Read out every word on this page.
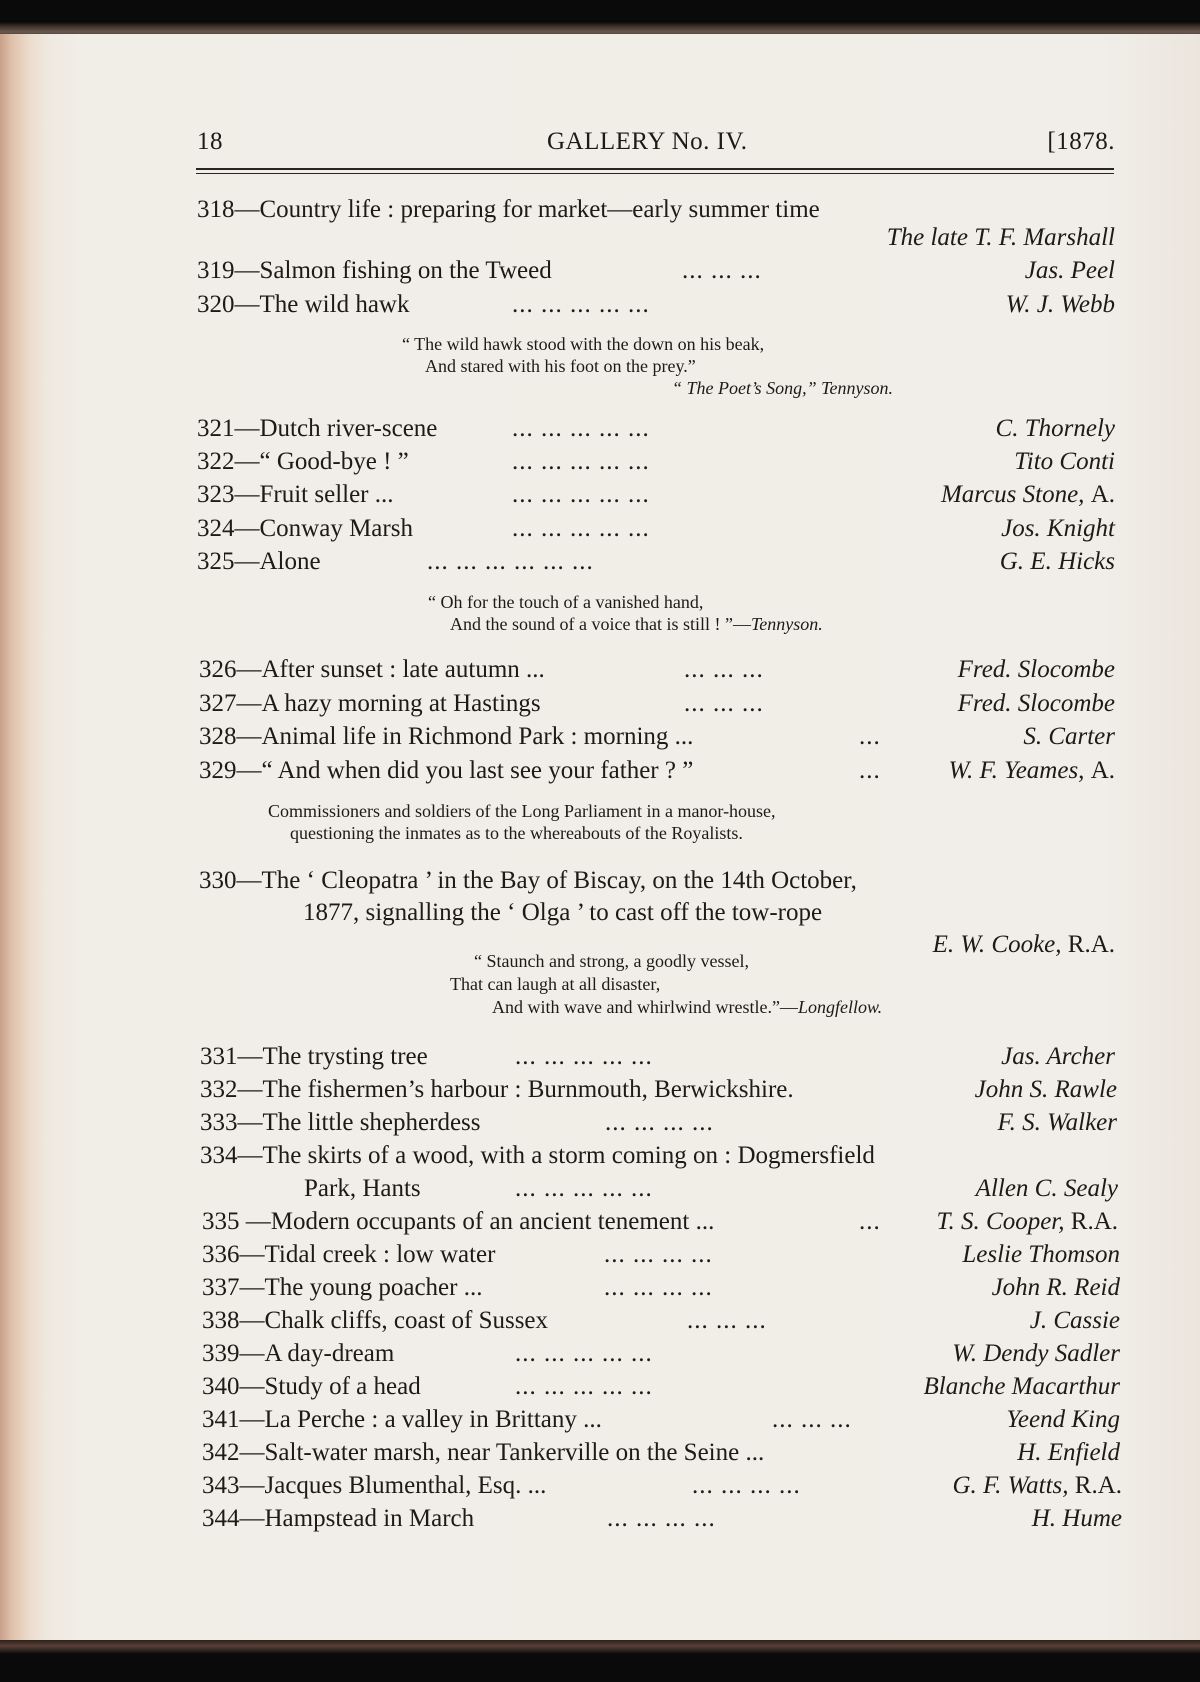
18	GALLERY No. IV.	[1878.
318—Country life : preparing for market—early summer time
The late T. F. Marshall
319—Salmon fishing on the Tweed	... ... ...	Jas. Peel
320—The wild hawk	... ... ... ... ...	W. J. Webb
“ The wild hawk stood with the down on his beak,
And stared with his foot on the prey.”
“ The Poet’s Song,” Tennyson.
321—Dutch river-scene	... ... ... ... ...	C. Thornely
322—“ Good-bye ! ”	... ... ... ... ...	Tito Conti
323—Fruit seller ...	... ... ... ... ...	Marcus Stone, A.
324—Conway Marsh	... ... ... ... ...	Jos. Knight
325—Alone	... ... ... ... ... ...	G. E. Hicks
“ Oh for the touch of a vanished hand,
And the sound of a voice that is still ! ”—Tennyson.
326—After sunset : late autumn ...	... ... ...	Fred. Slocombe
327—A hazy morning at Hastings	... ... ...	Fred. Slocombe
328—Animal life in Richmond Park : morning ...	...	S. Carter
329—“ And when did you last see your father ? ”	...	W. F. Yeames, A.
Commissioners and soldiers of the Long Parliament in a manor-house,
questioning the inmates as to the whereabouts of the Royalists.
330—The ‘ Cleopatra ’ in the Bay of Biscay, on the 14th October,
1877, signalling the ‘ Olga ’ to cast off the tow-rope
E. W. Cooke, R.A.
“ Staunch and strong, a goodly vessel,
That can laugh at all disaster,
And with wave and whirlwind wrestle.”—Longfellow.
331—The trysting tree	... ... ... ... ...	Jas. Archer
332—The fishermen’s harbour : Burnmouth, Berwickshire.	John S. Rawle
333—The little shepherdess	... ... ... ...	F. S. Walker
334—The skirts of a wood, with a storm coming on : Dogmersfield
Park, Hants	... ... ... ... ...	Allen C. Sealy
335 —Modern occupants of an ancient tenement ...	... T. S. Cooper, R.A.
336—Tidal creek : low water	... ... ... ...	Leslie Thomson
337—The young poacher ...	... ... ... ...	John R. Reid
338—Chalk cliffs, coast of Sussex	... ... ...	J. Cassie
339—A day-dream	... ... ... ... ...	W. Dendy Sadler
340—Study of a head	... ... ... ... ...	Blanche Macarthur
341—La Perche : a valley in Brittany ...	... ... ...	Yeend King
342—Salt-water marsh, near Tankerville on the Seine ...	H. Enfield
343—Jacques Blumenthal, Esq. ...	... ... ... ...	G. F. Watts, R.A.
344—Hampstead in March	... ... ... ...	H. Hume
